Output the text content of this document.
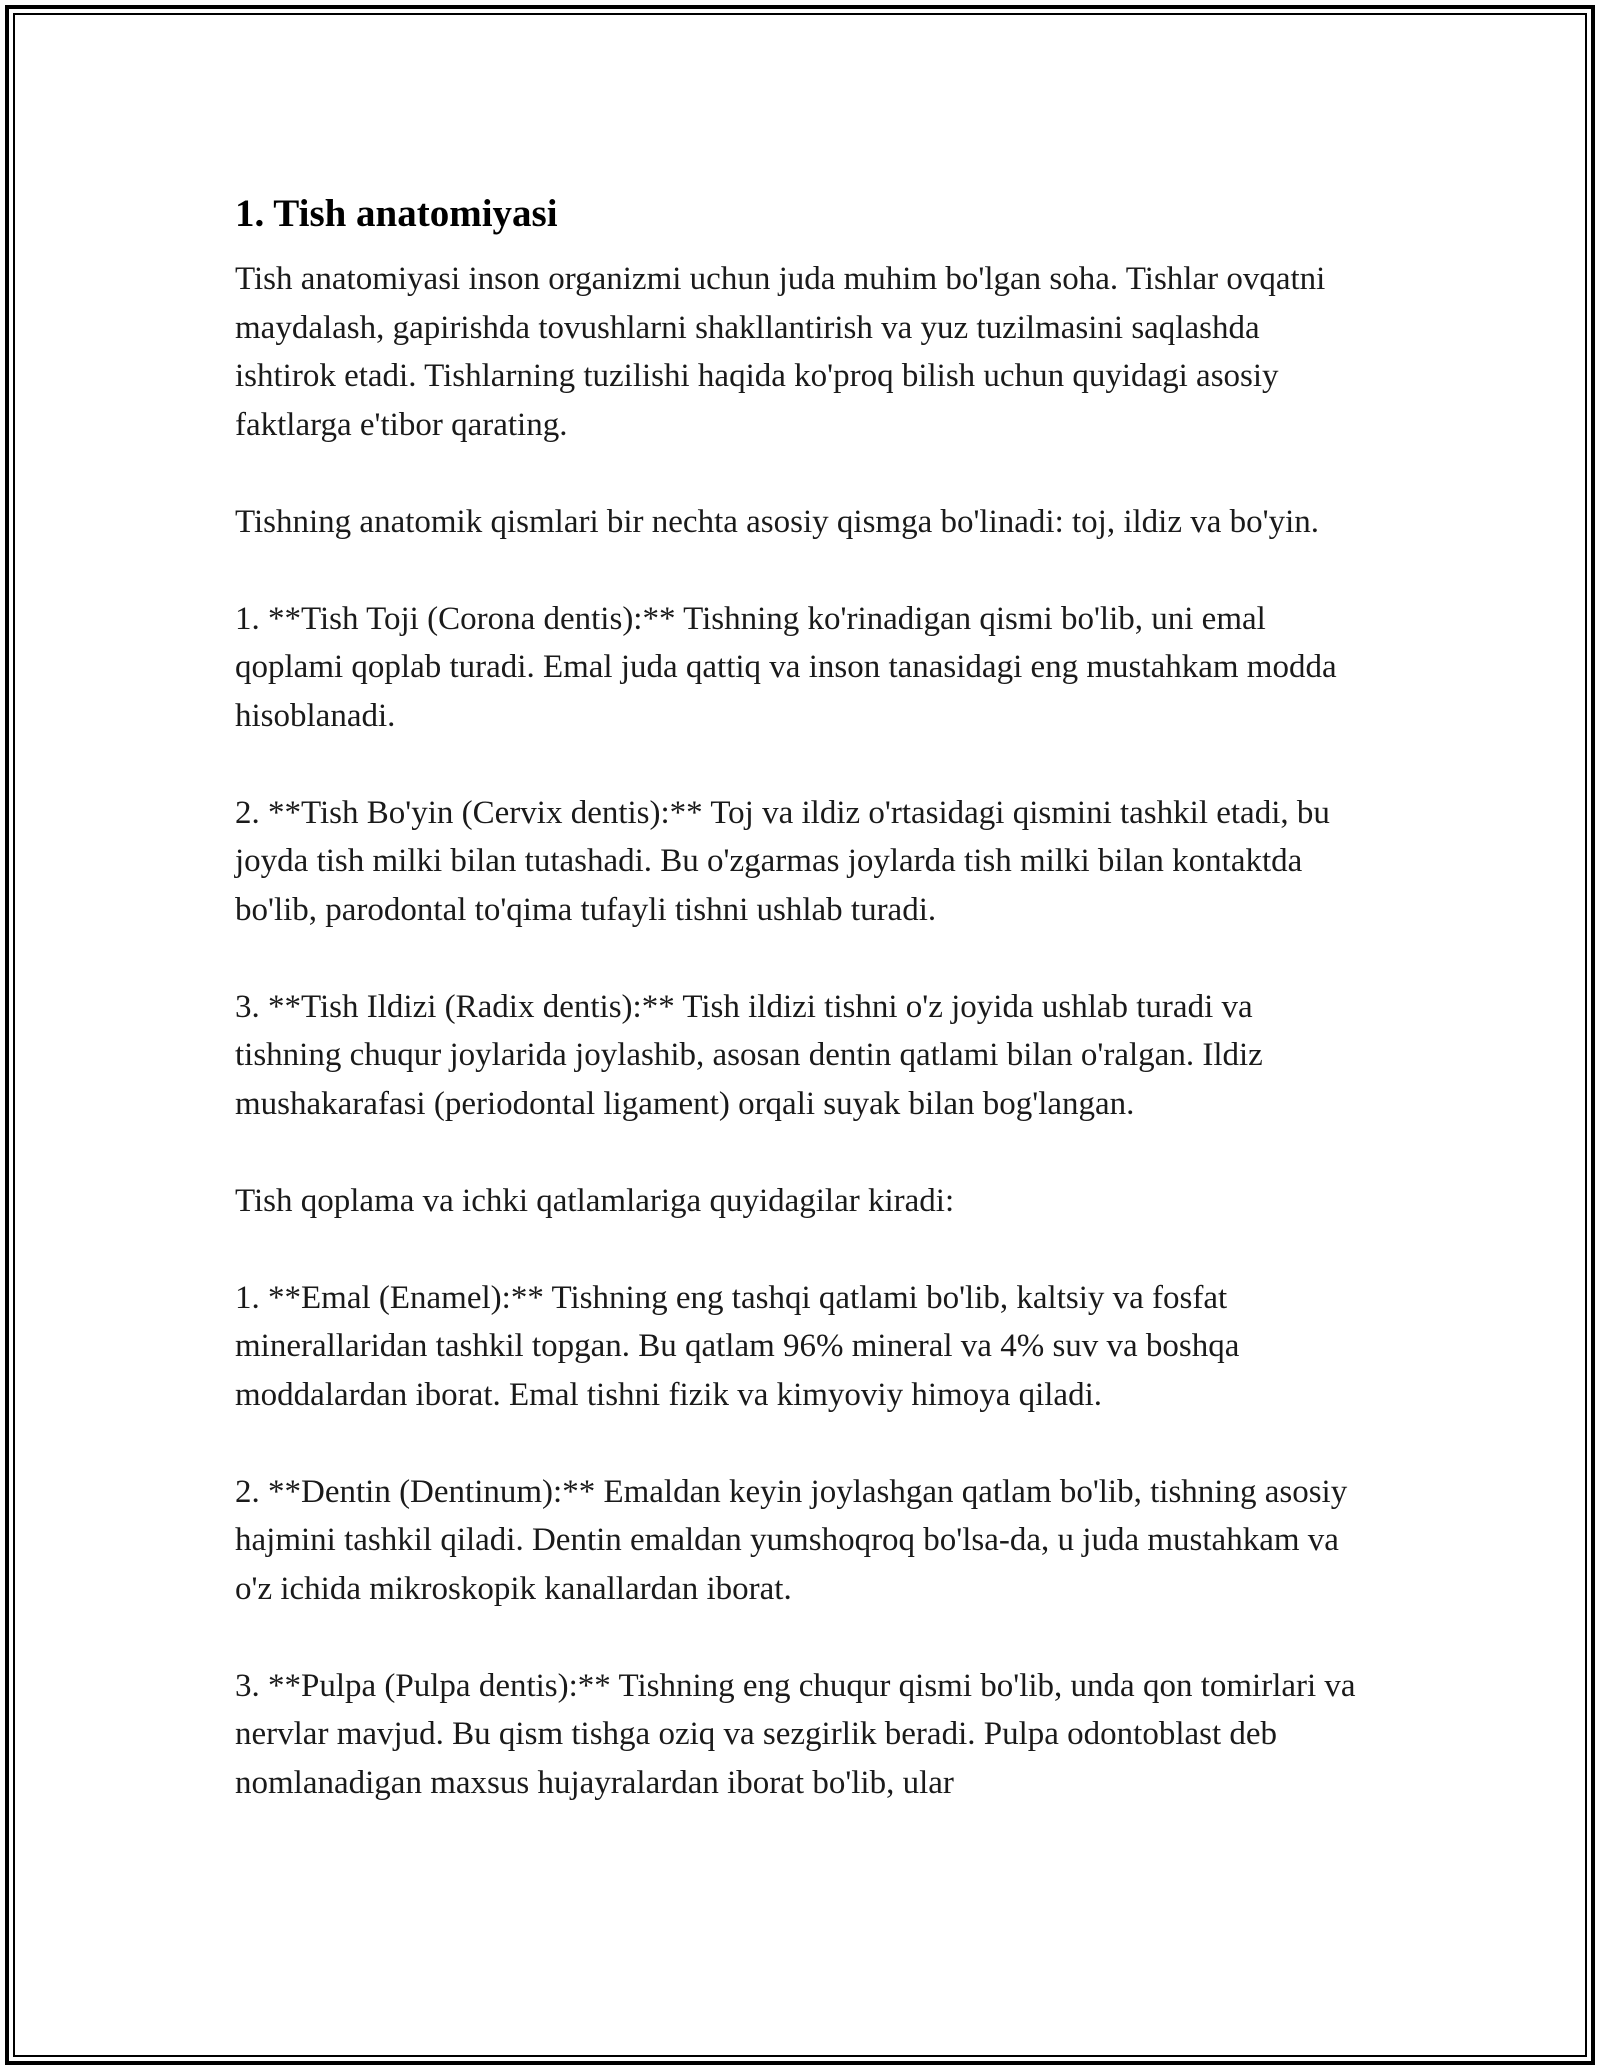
1. Tish anatomiyasi

Tish anatomiyasi inson organizmi uchun juda muhim bo'lgan soha. Tishlar ovqatni maydalash, gapirishda tovushlarni shakllantirish va yuz tuzilmasini saqlashda ishtirok etadi. Tishlarning tuzilishi haqida ko'proq bilish uchun quyidagi asosiy faktlarga e'tibor qarating.

Tishning anatomik qismlari bir nechta asosiy qismga bo'linadi: toj, ildiz va bo'yin.

1. **Tish Toji (Corona dentis):** Tishning ko'rinadigan qismi bo'lib, uni emal qoplami qoplab turadi. Emal juda qattiq va inson tanasidagi eng mustahkam modda hisoblanadi.

2. **Tish Bo'yin (Cervix dentis):** Toj va ildiz o'rtasidagi qismini tashkil etadi, bu joyda tish milki bilan tutashadi. Bu o'zgarmas joylarda tish milki bilan kontaktda bo'lib, parodontal to'qima tufayli tishni ushlab turadi.

3. **Tish Ildizi (Radix dentis):** Tish ildizi tishni o'z joyida ushlab turadi va tishning chuqur joylarida joylashib, asosan dentin qatlami bilan o'ralgan. Ildiz mushakarafasi (periodontal ligament) orqali suyak bilan bog'langan.

Tish qoplama va ichki qatlamlariga quyidagilar kiradi:

1. **Emal (Enamel):** Tishning eng tashqi qatlami bo'lib, kaltsiy va fosfat minerallaridan tashkil topgan. Bu qatlam 96% mineral va 4% suv va boshqa moddalardan iborat. Emal tishni fizik va kimyoviy himoya qiladi.

2. **Dentin (Dentinum):** Emaldan keyin joylashgan qatlam bo'lib, tishning asosiy hajmini tashkil qiladi. Dentin emaldan yumshoqroq bo'lsa-da, u juda mustahkam va o'z ichida mikroskopik kanallardan iborat.

3. **Pulpa (Pulpa dentis):** Tishning eng chuqur qismi bo'lib, unda qon tomirlari va nervlar mavjud. Bu qism tishga oziq va sezgirlik beradi. Pulpa odontoblast deb nomlanadigan maxsus hujayralardan iborat bo'lib, ular
